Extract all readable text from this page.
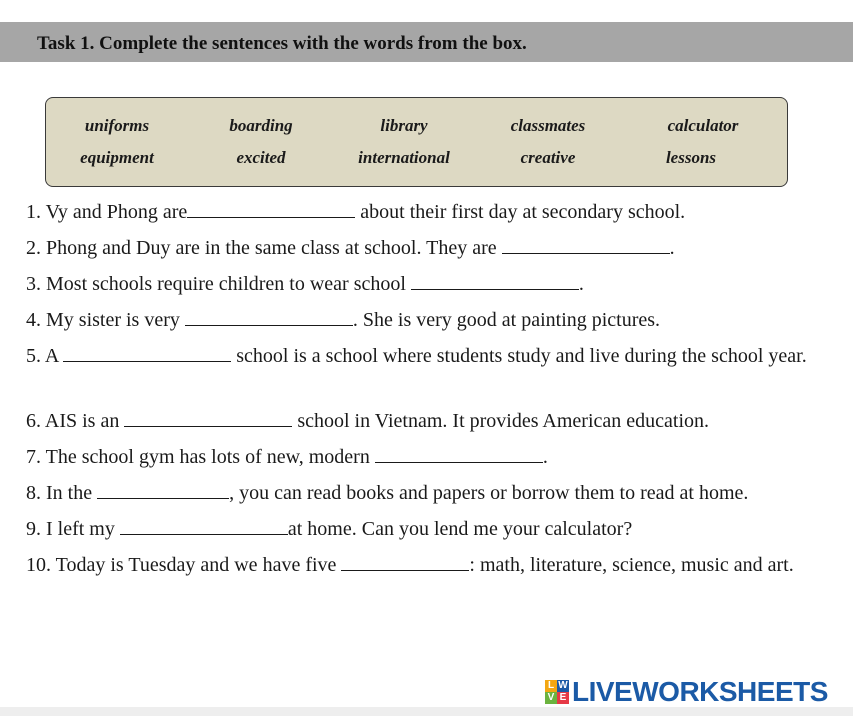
Task 1. Complete the sentences with the words from the box.
uniforms	boarding	library	classmates	calculator
equipment	excited	international	creative	lessons
1. Vy and Phong are	about their first day at secondary school.
2. Phong and Duy are in the same class at school. They are	.
3. Most schools require children to wear school	.
4. My sister is very	. She is very good at painting pictures.
5. A	school is a school where students study and live during the school year.
6. AIS is an	school in Vietnam. It provides American education.
7. The school gym has lots of new, modern	.
8. In the	, you can read books and papers or borrow them to read at home.
9. I left my	at home. Can you lend me your calculator?
10. Today is Tuesday and we have five	: math, literature, science, music and art.
L W
V E LIVEWORKSHEETS
